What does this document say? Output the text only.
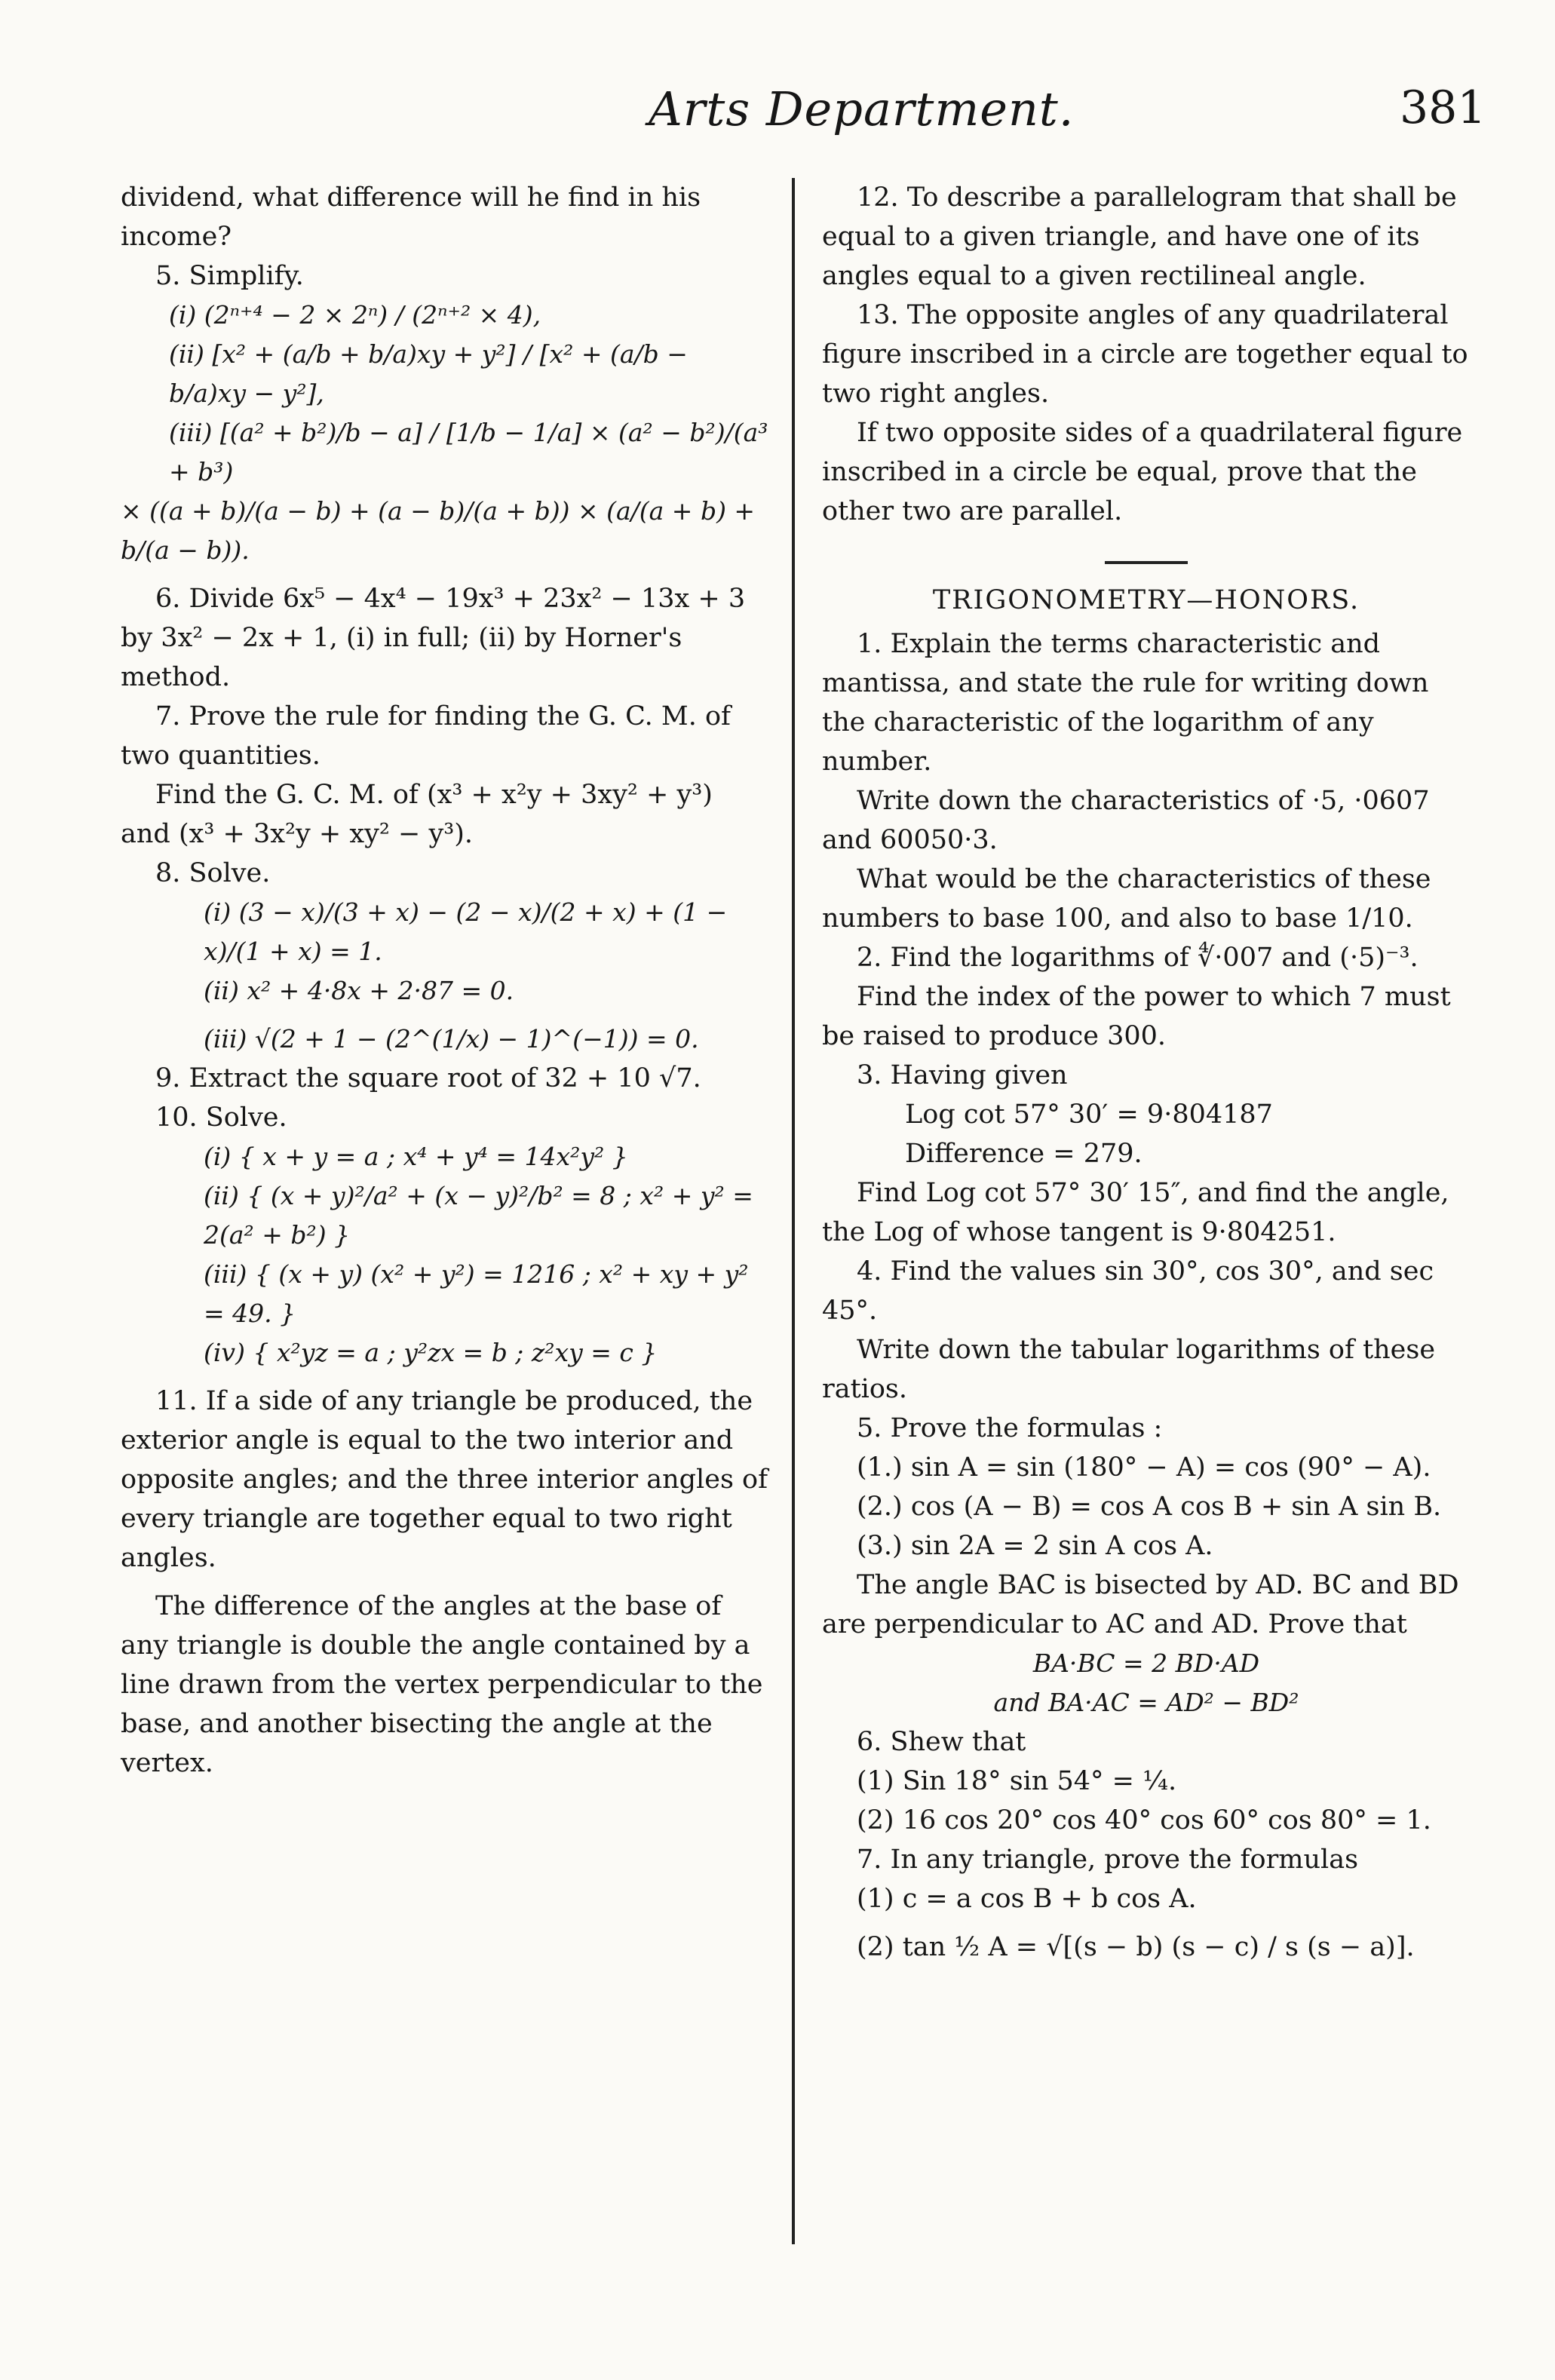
Arts Department.	381
dividend, what difference will he find in his income?
5. Simplify.
(i) (2ⁿ⁺⁴ − 2 × 2ⁿ) / (2ⁿ⁺² × 4),
(ii) [x² + (a/b + b/a)xy + y²] / [x² + (a/b − b/a)xy − y²],
(iii) [(a² + b²)/b − a] / [1/b − 1/a] × (a² − b²)/(a³ + b³)
× ((a + b)/(a − b) + (a − b)/(a + b)) × (a/(a + b) + b/(a − b)).
6. Divide 6x⁵ − 4x⁴ − 19x³ + 23x² − 13x + 3 by 3x² − 2x + 1, (i) in full; (ii) by Horner's method.
7. Prove the rule for finding the G. C. M. of two quantities.
Find the G. C. M. of (x³ + x²y + 3xy² + y³) and (x³ + 3x²y + xy² − y³).
8. Solve.
(i) (3 − x)/(3 + x) − (2 − x)/(2 + x) + (1 − x)/(1 + x) = 1.
(ii) x² + 4·8x + 2·87 = 0.
(iii) √(2 + 1 − (2^(1/x) − 1)^(−1)) = 0.
9. Extract the square root of 32 + 10 √7.
10. Solve.
(i) { x + y = a ; x⁴ + y⁴ = 14x²y² }
(ii) { (x + y)²/a² + (x − y)²/b² = 8 ; x² + y² = 2(a² + b²) }
(iii) { (x + y) (x² + y²) = 1216 ; x² + xy + y² = 49. }
(iv) { x²yz = a ; y²zx = b ; z²xy = c }
11. If a side of any triangle be produced, the exterior angle is equal to the two interior and opposite angles; and the three interior angles of every triangle are together equal to two right angles.
The difference of the angles at the base of any triangle is double the angle contained by a line drawn from the vertex perpendicular to the base, and another bisecting the angle at the vertex.
12. To describe a parallelogram that shall be equal to a given triangle, and have one of its angles equal to a given rectilineal angle.
13. The opposite angles of any quadrilateral figure inscribed in a circle are together equal to two right angles.
If two opposite sides of a quadrilateral figure inscribed in a circle be equal, prove that the other two are parallel.
TRIGONOMETRY—HONORS.
1. Explain the terms characteristic and mantissa, and state the rule for writing down the characteristic of the logarithm of any number.
Write down the characteristics of ·5, ·0607 and 60050·3.
What would be the characteristics of these numbers to base 100, and also to base 1/10.
2. Find the logarithms of ∜·007 and (·5)⁻³.
Find the index of the power to which 7 must be raised to produce 300.
3. Having given
Log cot 57° 30′ = 9·804187
Difference = 279.
Find Log cot 57° 30′ 15″, and find the angle, the Log of whose tangent is 9·804251.
4. Find the values sin 30°, cos 30°, and sec 45°.
Write down the tabular logarithms of these ratios.
5. Prove the formulas :
(1.) sin A = sin (180° − A) = cos (90° − A).
(2.) cos (A − B) = cos A cos B + sin A sin B.
(3.) sin 2A = 2 sin A cos A.
The angle BAC is bisected by AD. BC and BD are perpendicular to AC and AD. Prove that
BA·BC = 2 BD·AD
and BA·AC = AD² − BD²
6. Shew that
(1) Sin 18° sin 54° = ¼.
(2) 16 cos 20° cos 40° cos 60° cos 80° = 1.
7. In any triangle, prove the formulas
(1) c = a cos B + b cos A.
(2) tan ½ A = √[(s − b) (s − c) / s (s − a)].
